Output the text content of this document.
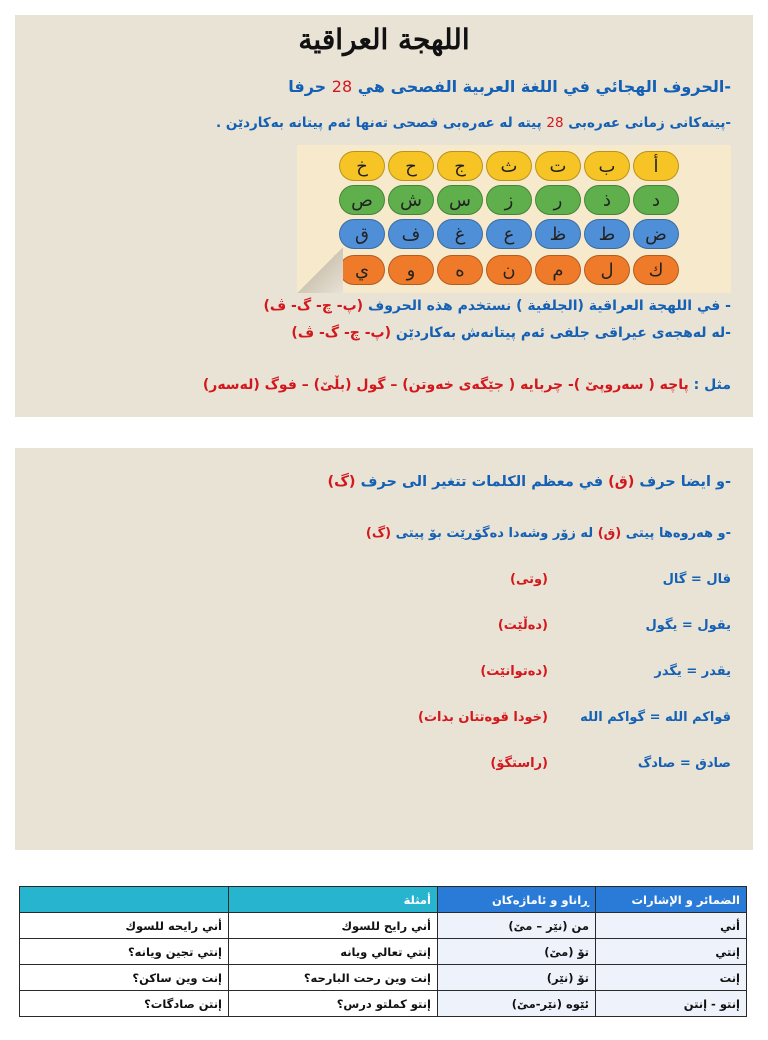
اللهجة العراقية
-الحروف الهجائي في اللغة العربية الفصحى هي 28 حرفا
-پیتەكانی زمانی عەرەبی 28 پیتە لە عەرەبی فصحی تەنها ئەم پیتانە بەكاردێن .
خ	ح	ج	ث	ت	ب	أ
ص	ش	س	ز	ر	ذ	د
ق	ف	غ	ع	ظ	ط	ض
ي	و	ه	ن	م	ل	ك
- في اللهجة العراقية (الجلفية ) نستخدم هذه الحروف (پ- چ- گ- ڤ)
-لە لەهجەی عیراقی جلفی ئەم پیتانەش بەكاردێن (پ- چ- گ- ڤ)
مثل : پاچه ( سەروپێ )- چربایه ( جێگەی خەوتن) – گول (بڵێ) – فوگ (لەسەر)
-و ايضا حرف (ق) في معظم الكلمات تتغير الى حرف (گ)
-و هەروەها پیتی (ق) لە زۆر وشەدا دەگۆڕێت بۆ پیتی (گ)
قال = گال
(وتی)
يقول = يگول
(دەڵێت)
يقدر = يگدر
(دەتوانێت)
قواكم الله = گواكم الله
(خودا قوەتتان بدات)
صادق = صادگ
(راستگۆ)
الضمائر و الإشارات	ڕاناو و ئاماژەكان	أمثلة	
أني	من (نێر – مێ)	أني رايح للسوك	أني رايحه للسوك
إنتي	تۆ (مێ)	إنتي تعالي ويانه	إنتي تجين ويانه؟
إنت	تۆ (نێر)	إنت وين رحت البارحه؟	إنت وين ساكن؟
إنتو - إنتن	ئێوە (نێر-مێ)	إنتو كملتو درس؟	إنتن صادگات؟
